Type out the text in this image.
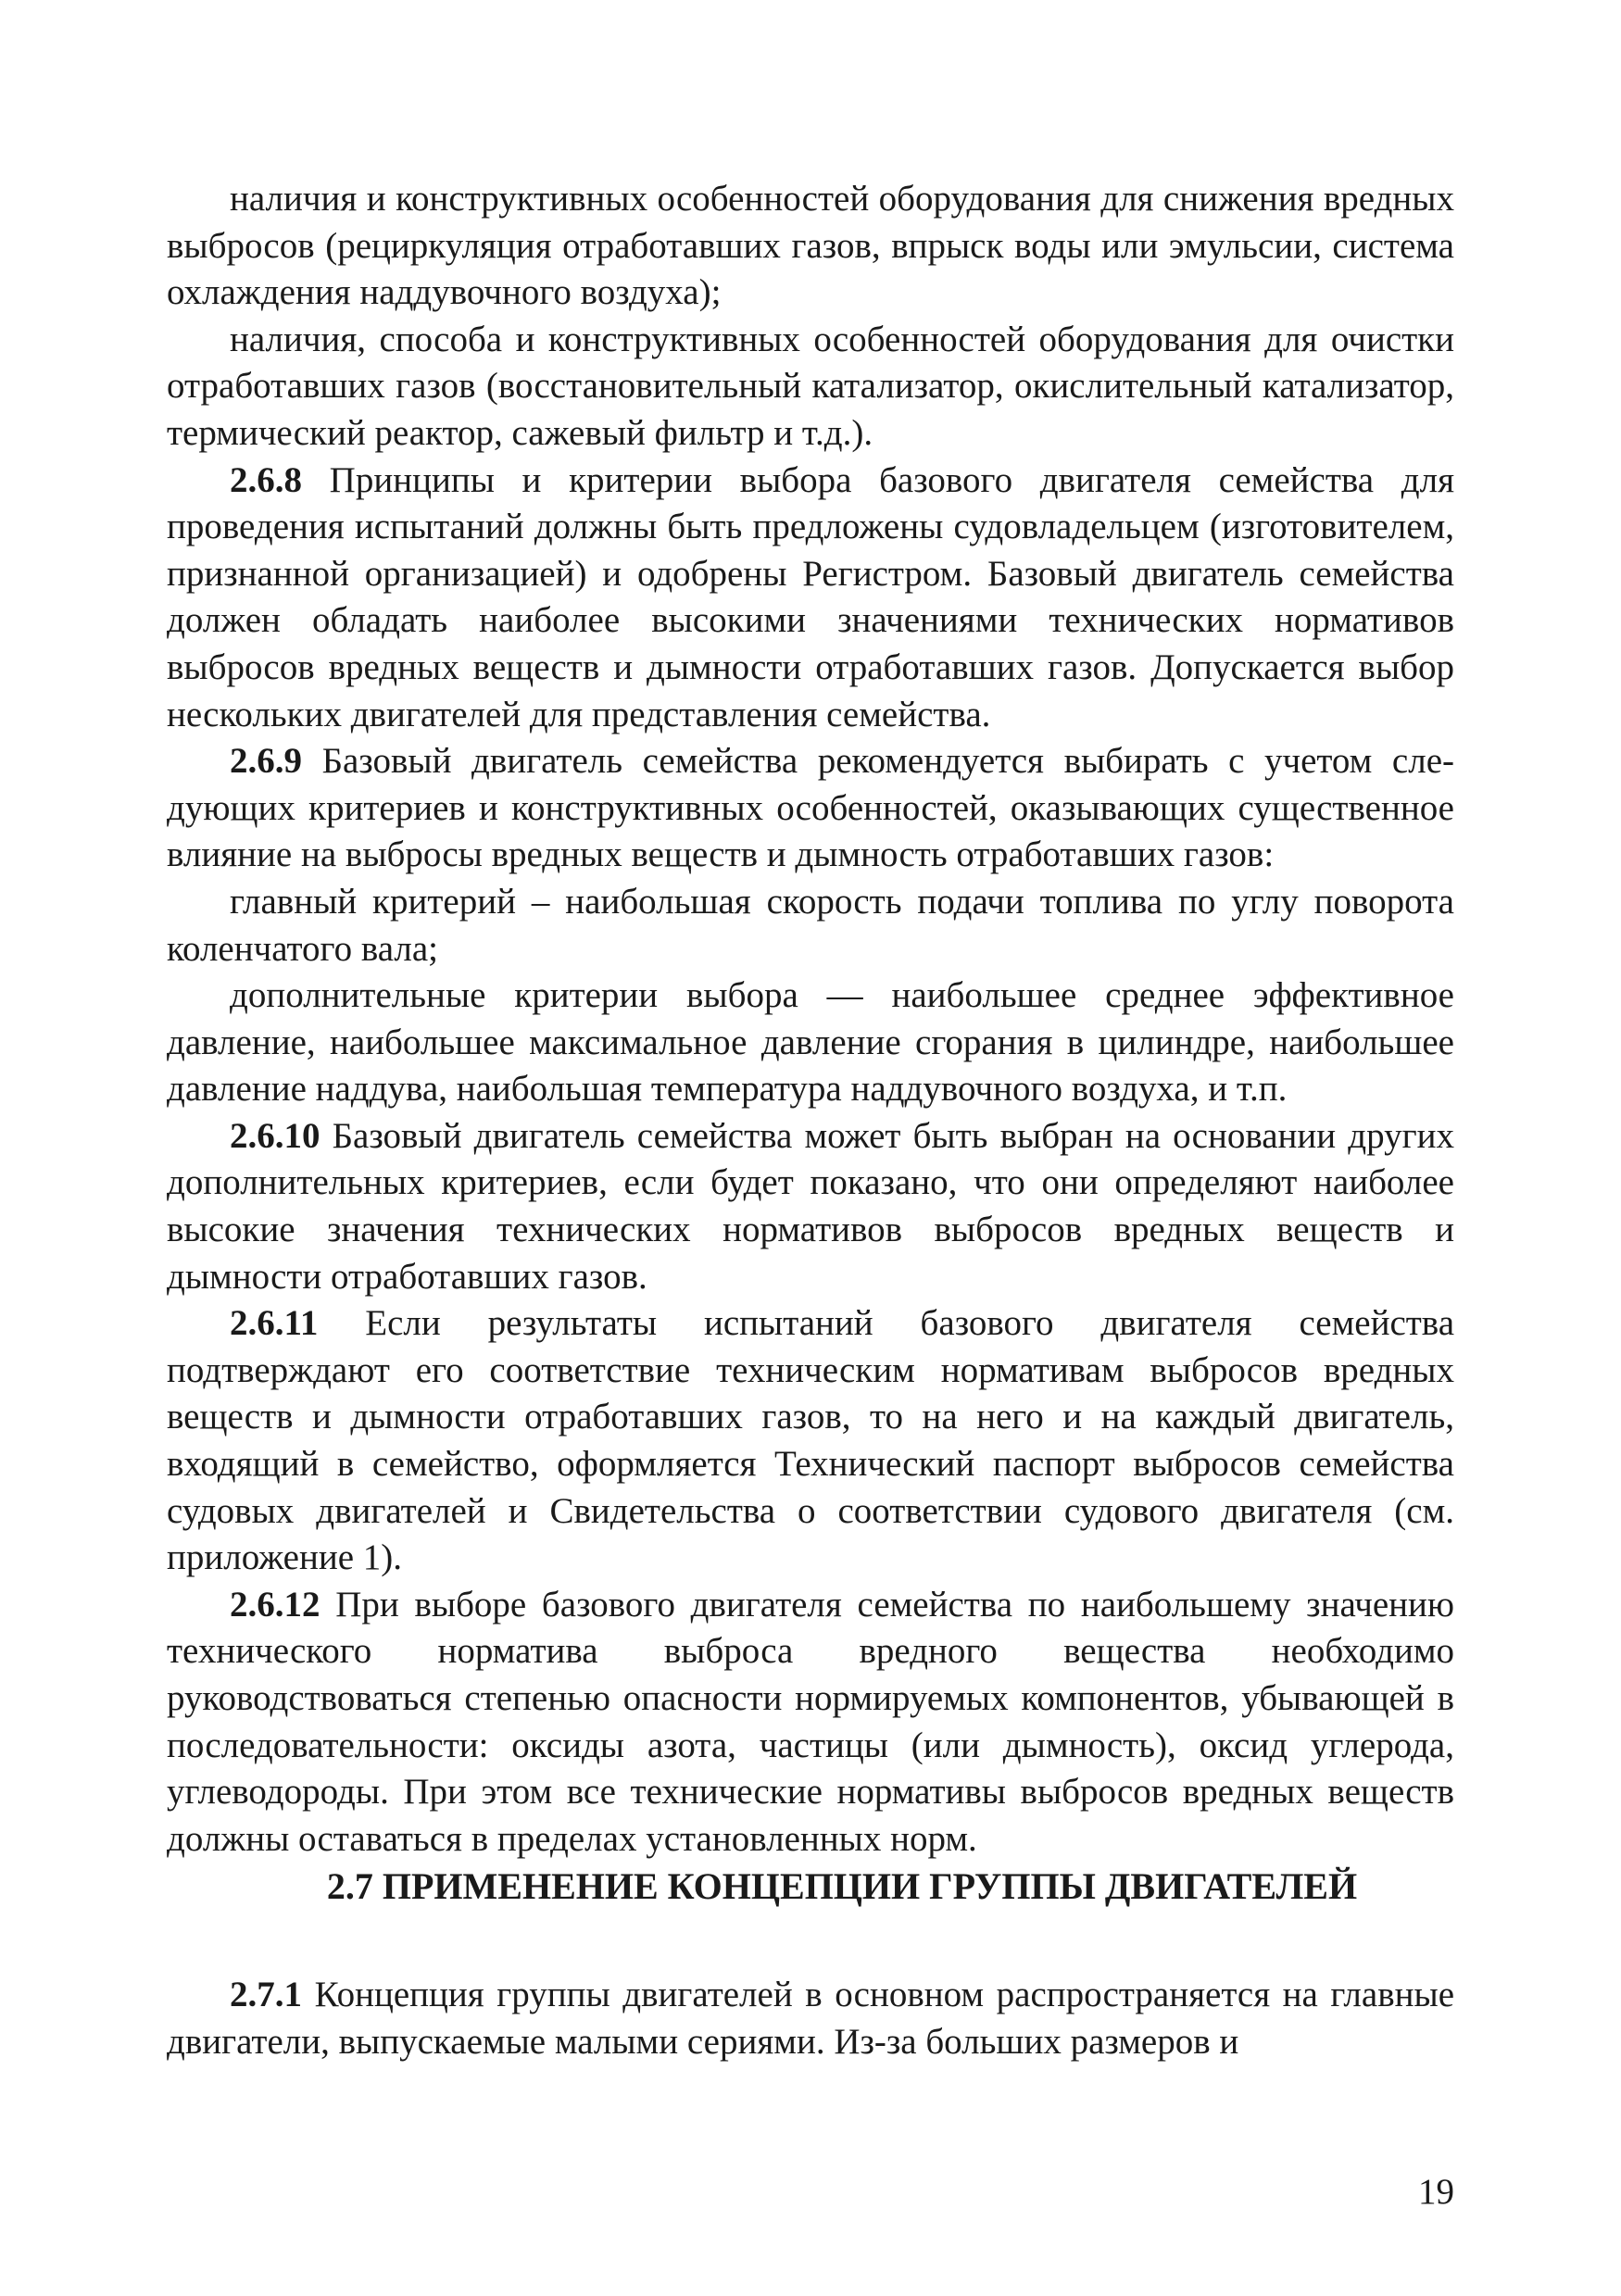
наличия и конструктивных особенностей оборудования для снижения вредных выбросов (рециркуляция отработавших газов, впрыск воды или эмульсии, система охлаждения наддувочного воздуха);

наличия, способа и конструктивных особенностей оборудования для очистки отработавших газов (восстановительный катализатор, окислительный катализатор, термический реактор, сажевый фильтр и т.д.).

2.6.8 Принципы и критерии выбора базового двигателя семейства для проведения испытаний должны быть предложены судовладельцем (изготовителем, признанной организацией) и одобрены Регистром. Базовый двигатель семейства должен обладать наиболее высокими значениями технических нормативов выбросов вредных веществ и дымности отработавших газов. Допускается выбор нескольких двигателей для представления семейства.

2.6.9 Базовый двигатель семейства рекомендуется выбирать с учетом следующих критериев и конструктивных особенностей, оказывающих существенное влияние на выбросы вредных веществ и дымность отработавших газов:

главный критерий – наибольшая скорость подачи топлива по углу поворота коленчатого вала;

дополнительные критерии выбора — наибольшее среднее эффективное давление, наибольшее максимальное давление сгорания в цилиндре, наибольшее давление наддува, наибольшая температура наддувочного воздуха, и т.п.

2.6.10 Базовый двигатель семейства может быть выбран на основании других дополнительных критериев, если будет показано, что они определяют наиболее высокие значения технических нормативов выбросов вредных веществ и дымности отработавших газов.

2.6.11 Если результаты испытаний базового двигателя семейства подтверждают его соответствие техническим нормативам выбросов вредных веществ и дымности отработавших газов, то на него и на каждый двигатель, входящий в семейство, оформляется Технический паспорт выбросов семейства судовых двигателей и Свидетельства о соответствии судового двигателя (см. приложение 1).

2.6.12 При выборе базового двигателя семейства по наибольшему значению технического норматива выброса вредного вещества необходимо руководствоваться степенью опасности нормируемых компонентов, убывающей в последовательности: оксиды азота, частицы (или дымность), оксид углерода, углеводороды. При этом все технические нормативы выбросов вредных веществ должны оставаться в пределах установленных норм.

2.7 ПРИМЕНЕНИЕ КОНЦЕПЦИИ ГРУППЫ ДВИГАТЕЛЕЙ

2.7.1 Концепция группы двигателей в основном распространяется на главные двигатели, выпускаемые малыми сериями. Из-за больших размеров и

19
